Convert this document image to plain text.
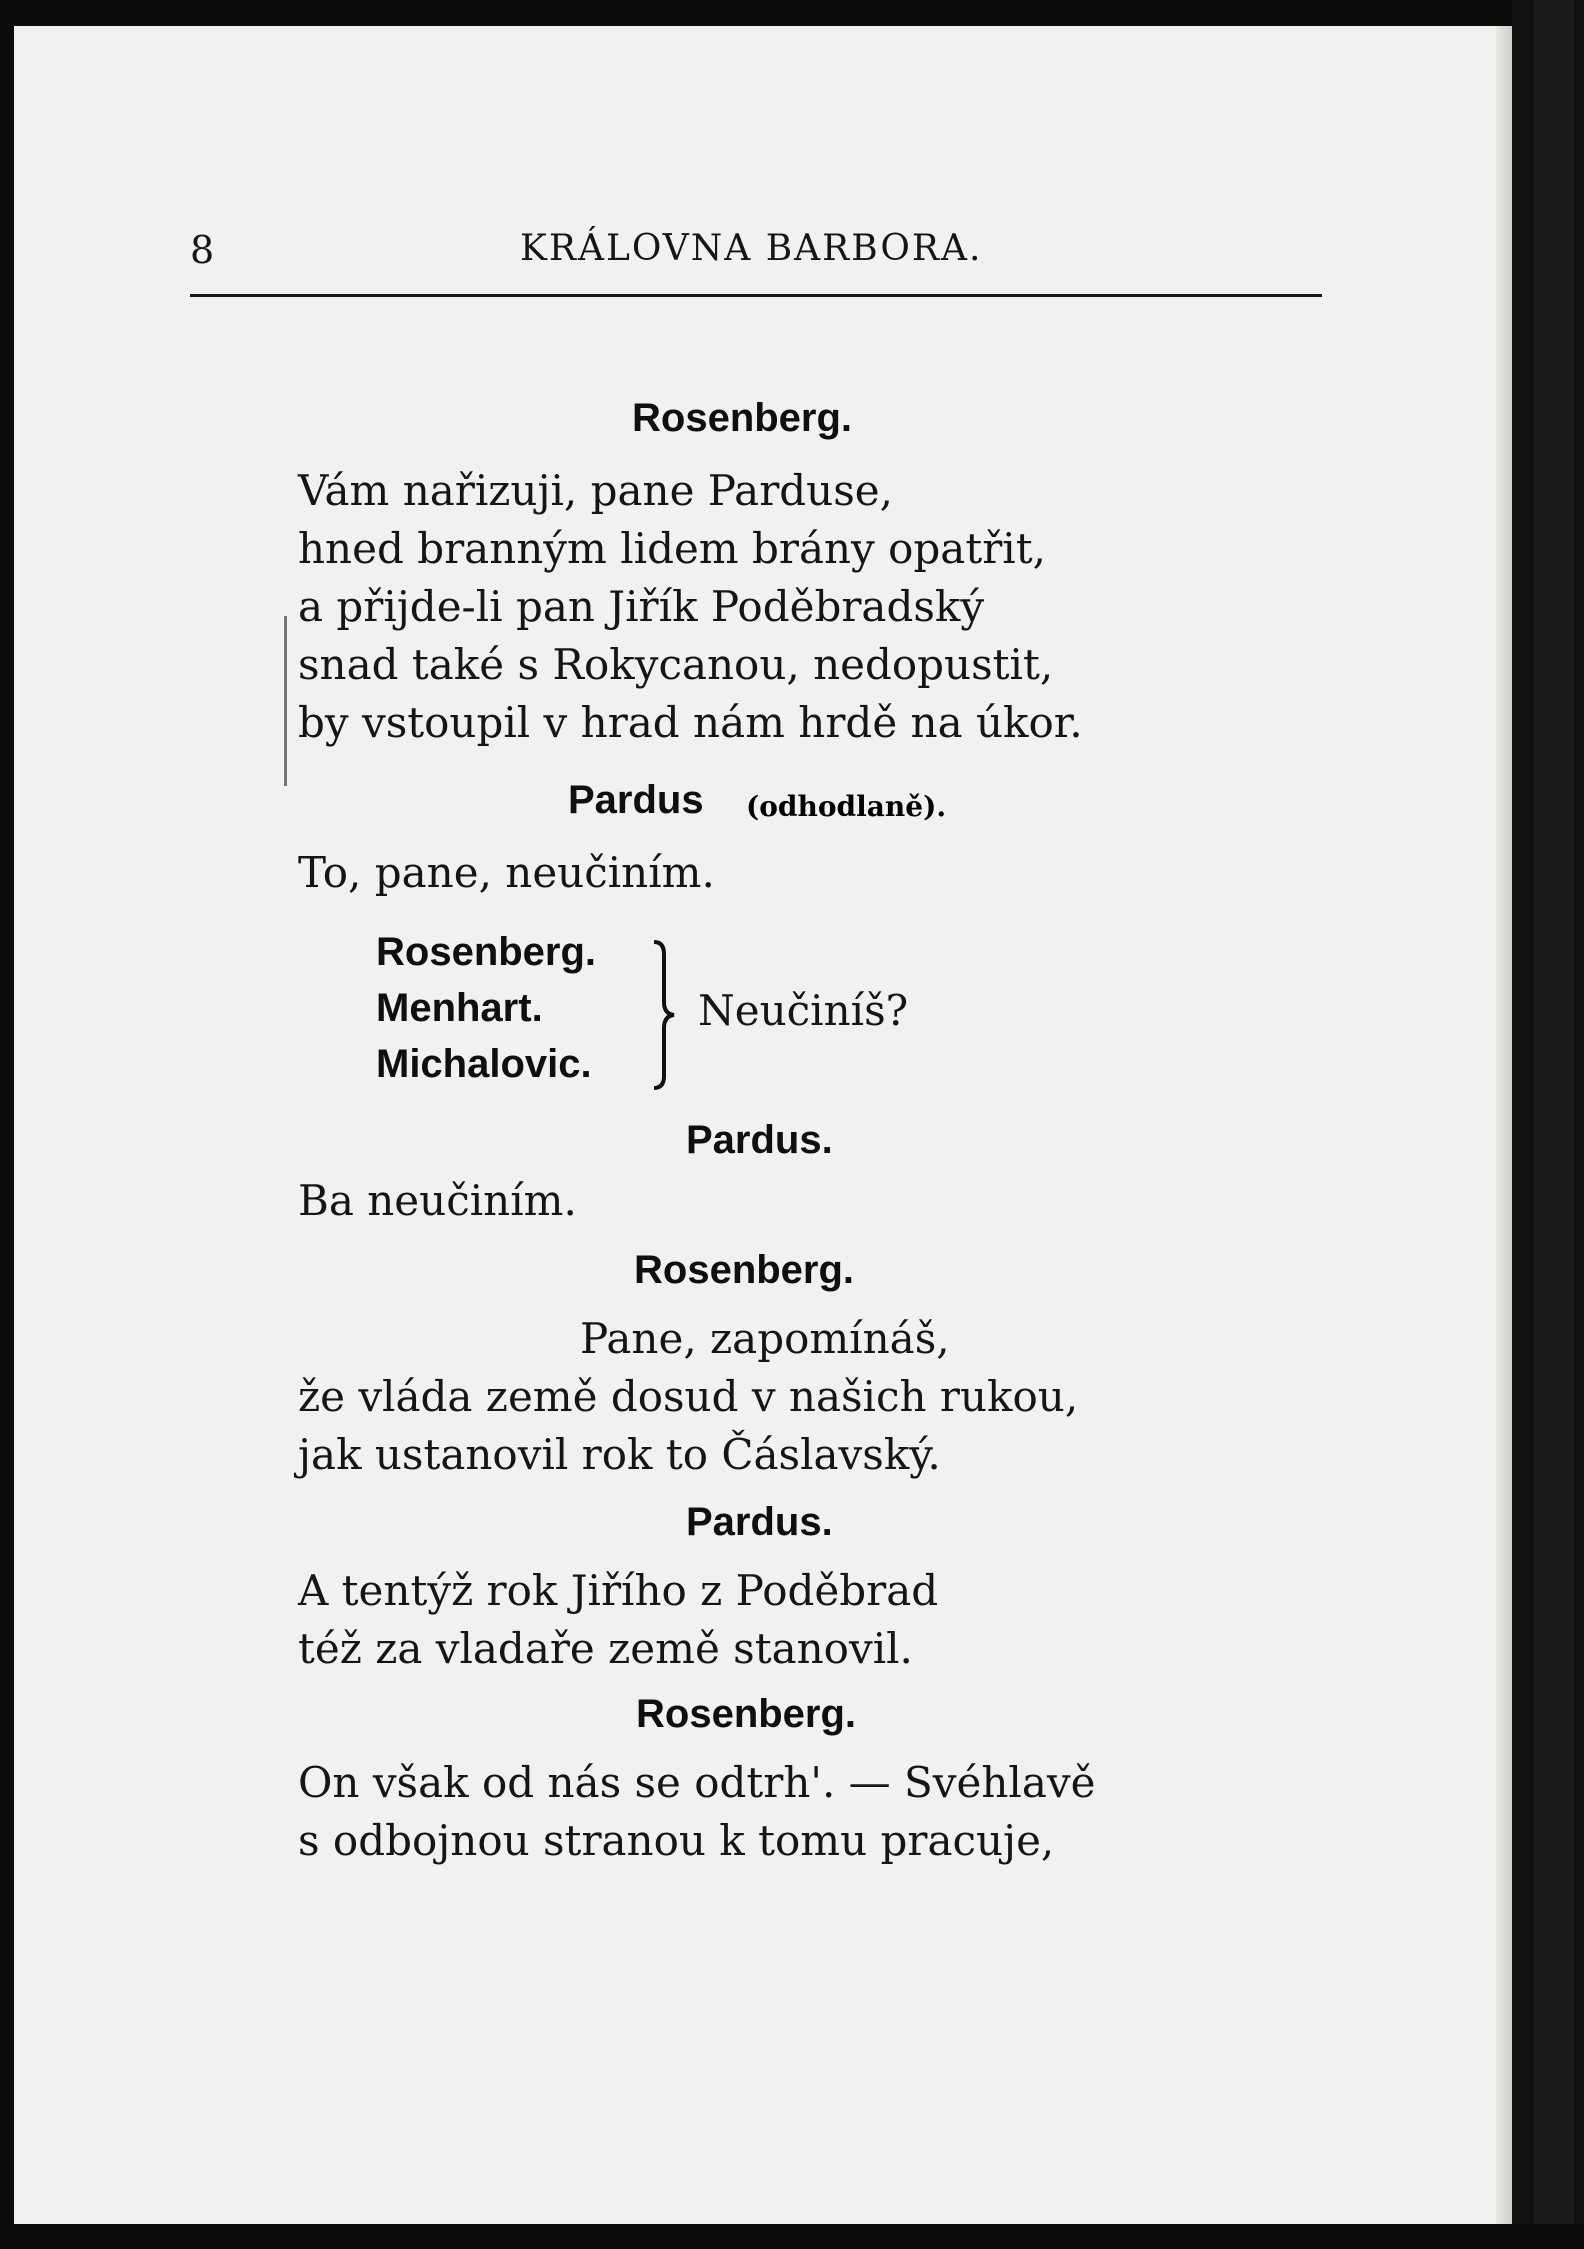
8	KRÁLOVNA BARBORA.
Rosenberg.
Vám nařizuji, pane Parduse,
hned branným lidem brány opatřit,
a přijde-li pan Jiřík Poděbradský
snad také s Rokycanou, nedopustit,
by vstoupil v hrad nám hrdě na úkor.
Pardus (odhodlaně).
To, pane, neučiním.
Rosenberg.
Menhart.
Michalovic.
Neučiníš?
Pardus.
Ba neučiním.
Rosenberg.
Pane, zapomínáš,
že vláda země dosud v našich rukou,
jak ustanovil rok to Čáslavský.
Pardus.
A tentýž rok Jiřího z Poděbrad
též za vladaře země stanovil.
Rosenberg.
On však od nás se odtrh'. — Svéhlavě
s odbojnou stranou k tomu pracuje,
